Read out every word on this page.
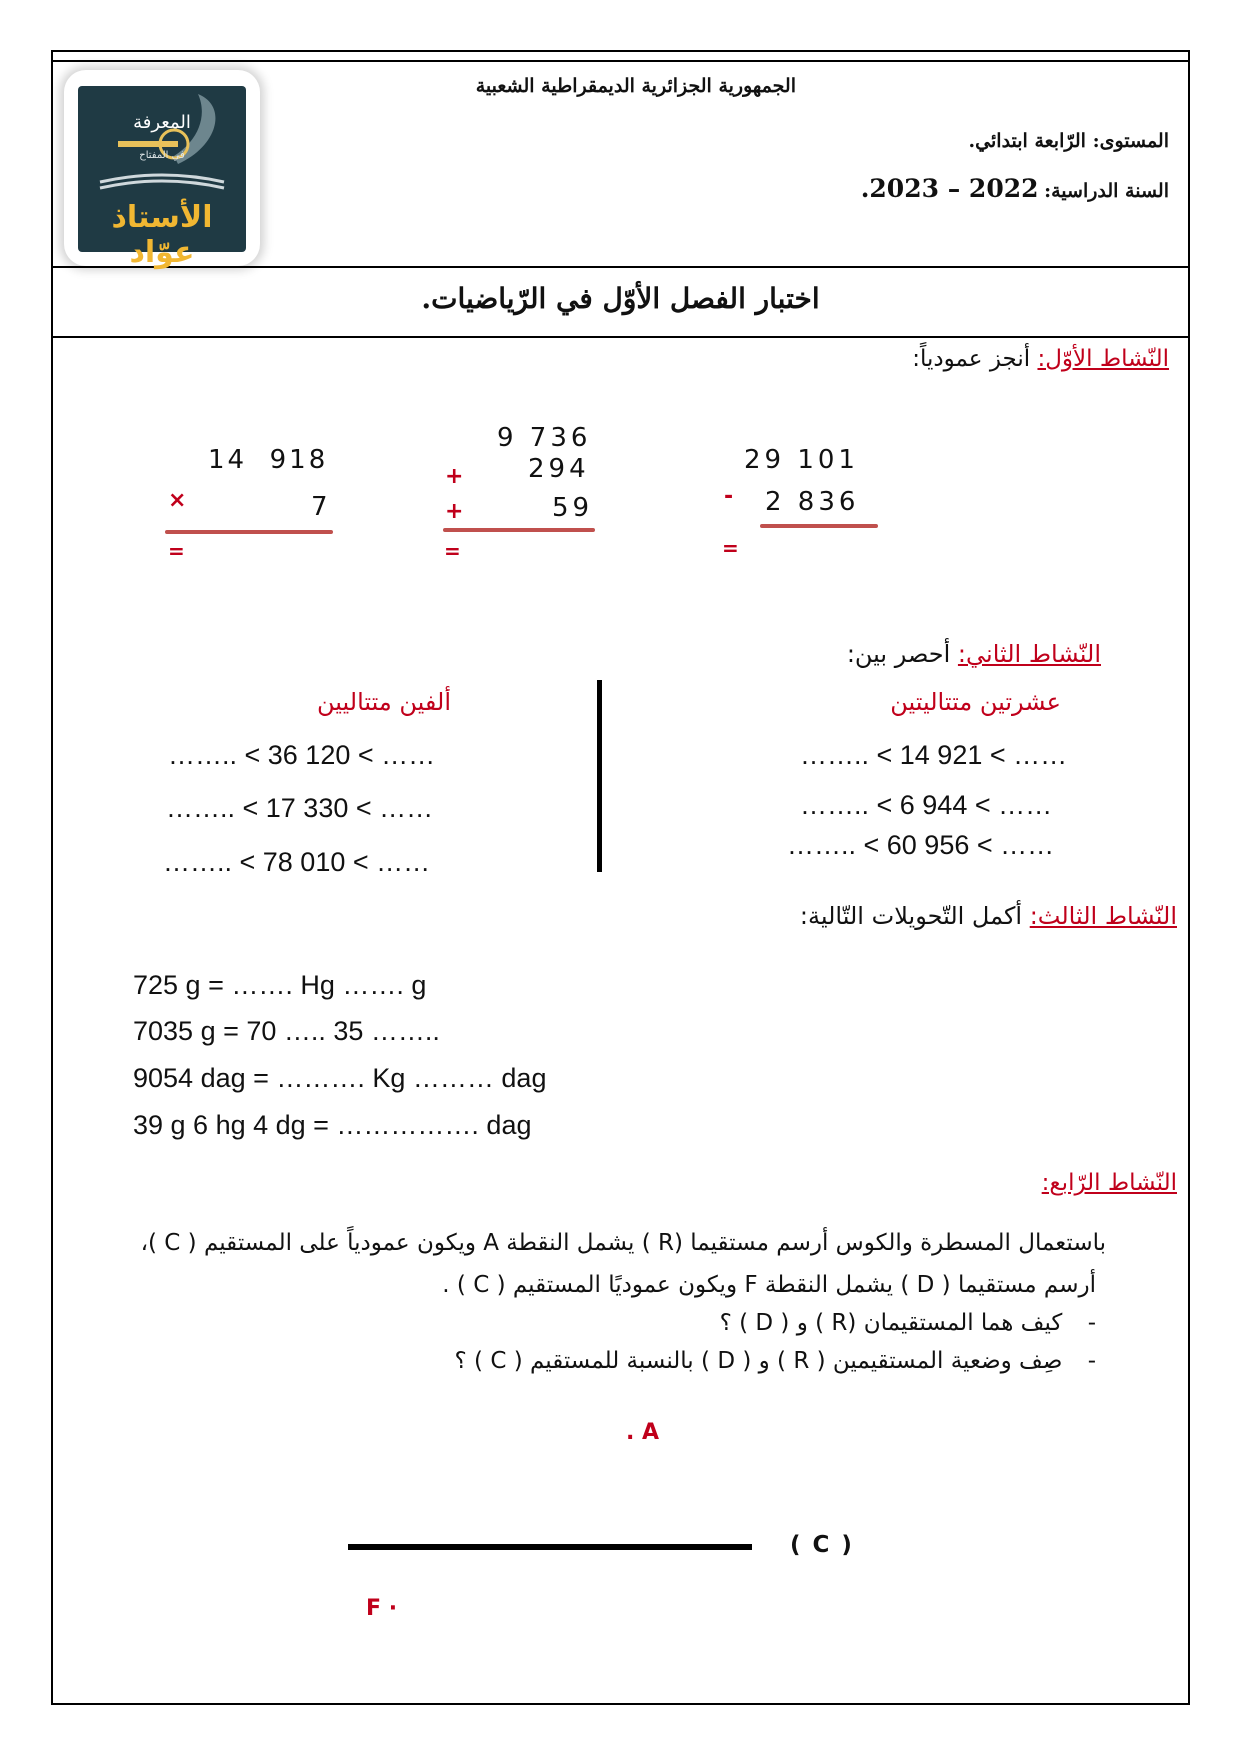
المعرفة
في المفتاح
الأستاذ عوّاد
الجمهورية الجزائرية الديمقراطية الشعبية
المستوى: الرّابعة ابتدائي.
السنة الدراسية: 2022 – 2023.
اختبار الفصل الأوّل في الرّياضيات.
النّشاط الأوّل: أنجز عمودياً:
29 101
- 2 836
=
9 736
294
+
+	59
=
14  918
×	7
=
النّشاط الثاني: أحصر بين:
عشرتين متتاليتين
ألفين متتاليين
…….. < 14 921 < ……
…….. < 6 944 < ……
…….. < 60 956 < ……
…….. < 36 120 < ……
…….. < 17 330 < ……
…….. < 78 010 < ……
النّشاط الثالث: أكمل التّحويلات التّالية:
725 g = ……. Hg ……. g
7035 g = 70 ….. 35 ……..
9054 dag = ………. Kg ……… dag
39 g 6 hg 4 dg = ……………. dag
النّشاط الرّابع:
باستعمال المسطرة والكوس أرسم مستقيما (R ) يشمل النقطة A ويكون عمودياً على المستقيم ( C )،
أرسم مستقيما ( D ) يشمل النقطة F ويكون عموديًا المستقيم ( C ) .
- كيف هما المستقيمان (R ) و ( D ) ؟
- صِف وضعية المستقيمين ( R ) و ( D ) بالنسبة للمستقيم ( C ) ؟
. A
( C )
F ·
